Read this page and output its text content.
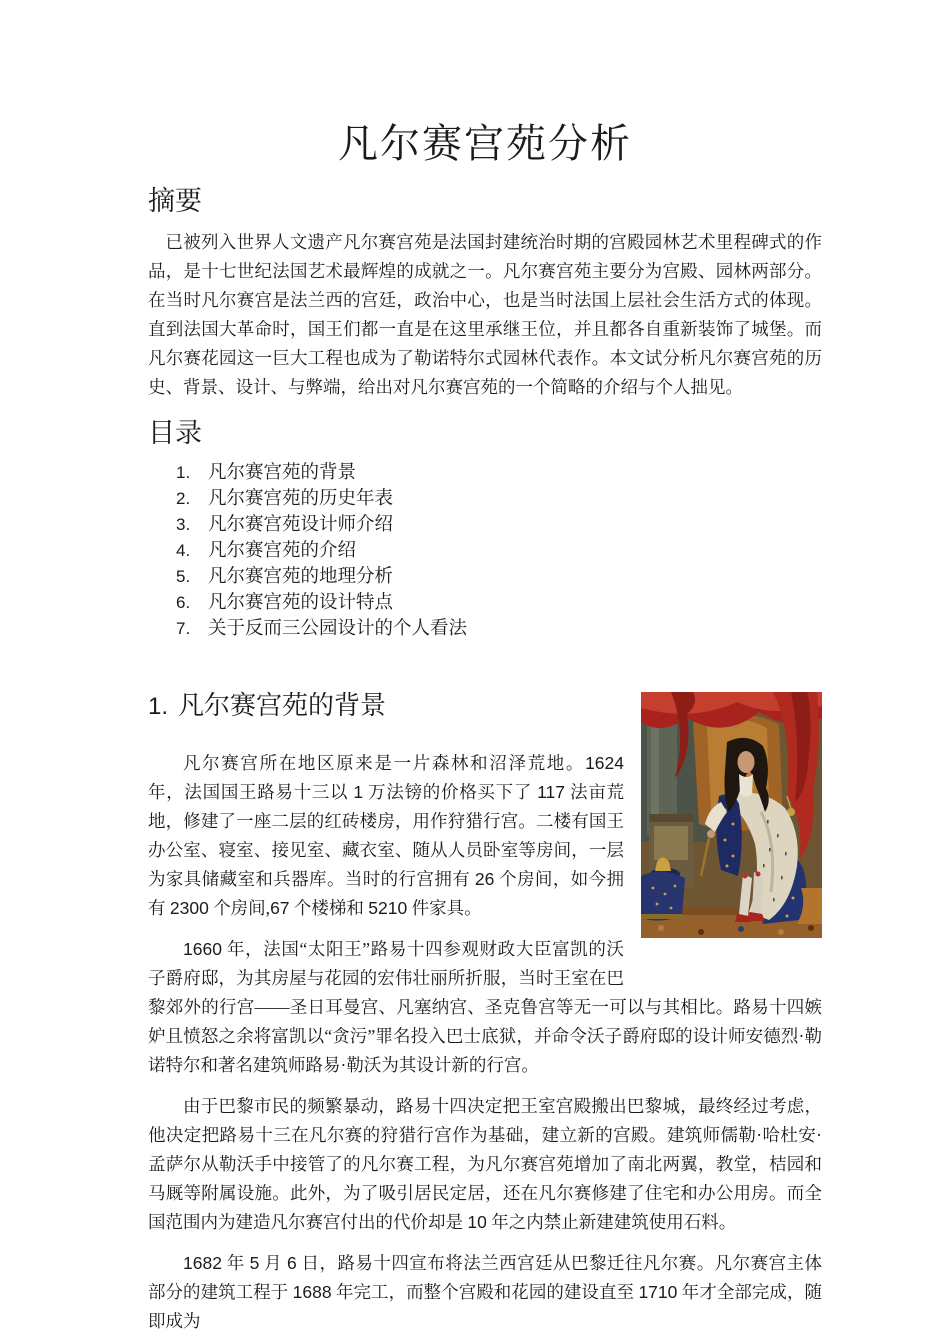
凡尔赛宫苑分析
摘要

已被列入世界人文遗产凡尔赛宫苑是法国封建统治时期的宫殿园林艺术里程碑式的作品，是十七世纪法国艺术最辉煌的成就之一。凡尔赛宫苑主要分为宫殿、园林两部分。在当时凡尔赛宫是法兰西的宫廷，政治中心，也是当时法国上层社会生活方式的体现。直到法国大革命时，国王们都一直是在这里承继王位，并且都各自重新装饰了城堡。而凡尔赛花园这一巨大工程也成为了勒诺特尔式园林代表作。本文试分析凡尔赛宫苑的历史、背景、设计、与弊端，给出对凡尔赛宫苑的一个简略的介绍与个人拙见。

目录
1. 凡尔赛宫苑的背景
2. 凡尔赛宫苑的历史年表
3. 凡尔赛宫苑设计师介绍
4. 凡尔赛宫苑的介绍
5. 凡尔赛宫苑的地理分析
6. 凡尔赛宫苑的设计特点
7. 关于反而三公园设计的个人看法
1. 凡尔赛宫苑的背景

凡尔赛宫所在地区原来是一片森林和沼泽荒地。1624 年，法国国王路易十三以 1 万法镑的价格买下了 117 法亩荒地，修建了一座二层的红砖楼房，用作狩猎行宫。二楼有国王办公室、寝室、接见室、藏衣室、随从人员卧室等房间，一层为家具储藏室和兵器库。当时的行宫拥有 26 个房间，如今拥有 2300 个房间,67 个楼梯和 5210 件家具。

1660 年，法国“太阳王”路易十四参观财政大臣富凯的沃子爵府邸，为其房屋与花园的宏伟壮丽所折服，当时王室在巴黎郊外的行宫——圣日耳曼宫、凡塞纳宫、圣克鲁宫等无一可以与其相比。路易十四嫉妒且愤怒之余将富凯以“贪污”罪名投入巴士底狱，并命令沃子爵府邸的设计师安德烈·勒诺特尔和著名建筑师路易·勒沃为其设计新的行宫。

由于巴黎市民的频繁暴动，路易十四决定把王室宫殿搬出巴黎城，最终经过考虑，他决定把路易十三在凡尔赛的狩猎行宫作为基础，建立新的宫殿。建筑师儒勒·哈杜安·孟萨尔从勒沃手中接管了的凡尔赛工程，为凡尔赛宫苑增加了南北两翼，教堂，桔园和马厩等附属设施。此外，为了吸引居民定居，还在凡尔赛修建了住宅和办公用房。而全国范围内为建造凡尔赛宫付出的代价却是 10 年之内禁止新建建筑使用石料。

1682 年 5 月 6 日，路易十四宣布将法兰西宫廷从巴黎迁往凡尔赛。凡尔赛宫主体部分的建筑工程于 1688 年完工，而整个宫殿和花园的建设直至 1710 年才全部完成，随即成为
